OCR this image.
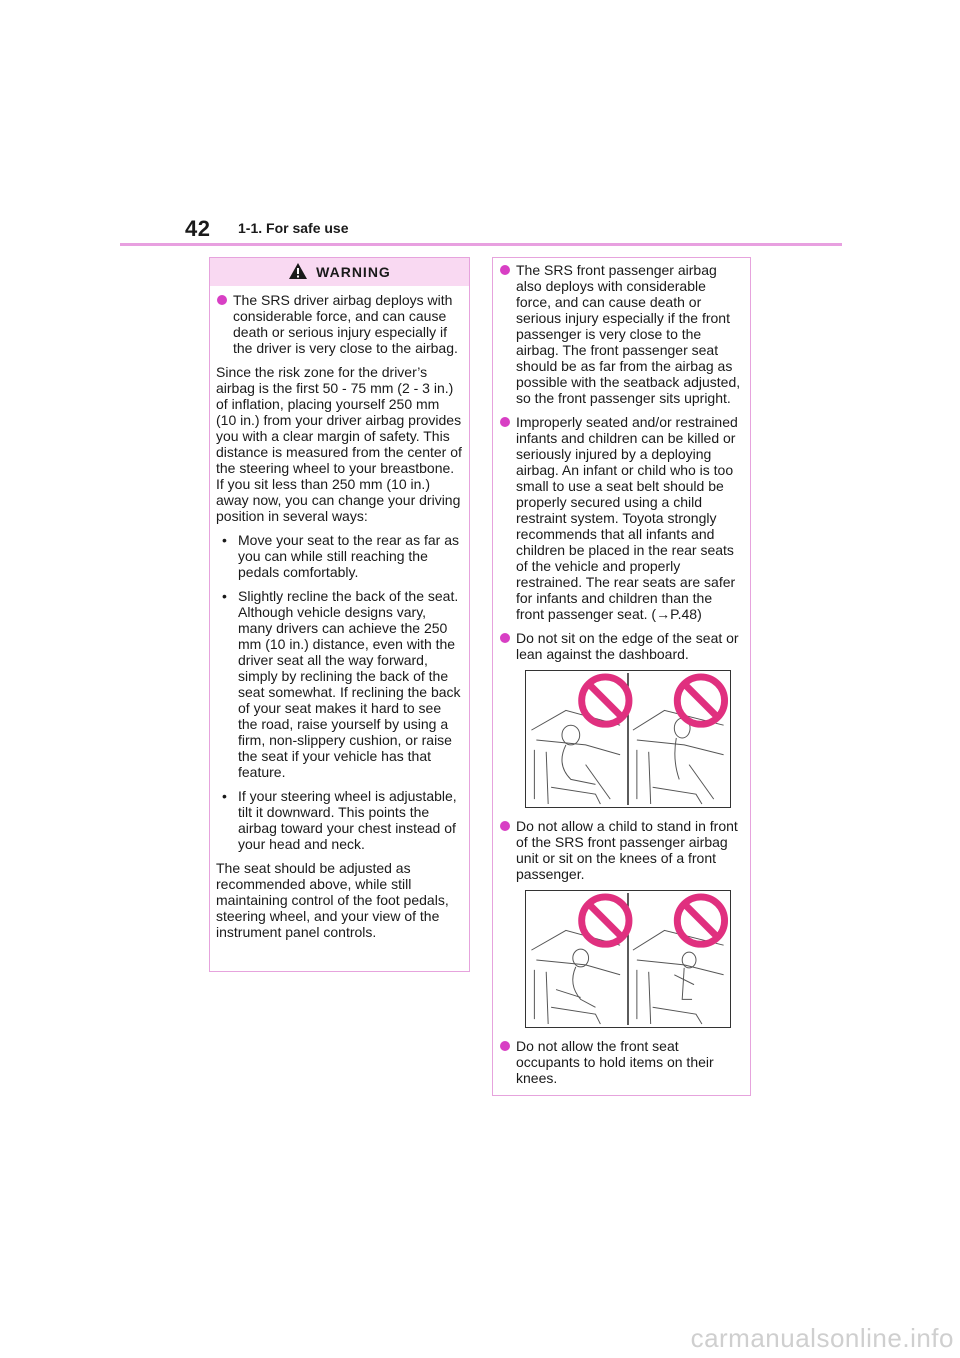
42 1-1. For safe use
WARNING
The SRS driver airbag deploys with considerable force, and can cause death or serious injury especially if the driver is very close to the airbag.

Since the risk zone for the driver’s airbag is the first 50 - 75 mm (2 - 3 in.) of inflation, placing yourself 250 mm (10 in.) from your driver airbag provides you with a clear margin of safety. This distance is measured from the center of the steering wheel to your breastbone. If you sit less than 250 mm (10 in.) away now, you can change your driving position in several ways:

• Move your seat to the rear as far as you can while still reaching the pedals comfortably.
• Slightly recline the back of the seat. Although vehicle designs vary, many drivers can achieve the 250 mm (10 in.) distance, even with the driver seat all the way forward, simply by reclining the back of the seat somewhat. If reclining the back of your seat makes it hard to see the road, raise yourself by using a firm, non-slippery cushion, or raise the seat if your vehicle has that feature.
• If your steering wheel is adjustable, tilt it downward. This points the airbag toward your chest instead of your head and neck.

The seat should be adjusted as recommended above, while still maintaining control of the foot pedals, steering wheel, and your view of the instrument panel controls.

The SRS front passenger airbag also deploys with considerable force, and can cause death or serious injury especially if the front passenger is very close to the airbag. The front passenger seat should be as far from the airbag as possible with the seatback adjusted, so the front passenger sits upright.
Improperly seated and/or restrained infants and children can be killed or seriously injured by a deploying airbag. An infant or child who is too small to use a seat belt should be properly secured using a child restraint system. Toyota strongly recommends that all infants and children be placed in the rear seats of the vehicle and properly restrained. The rear seats are safer for infants and children than the front passenger seat. (→P.48)
Do not sit on the edge of the seat or lean against the dashboard.
Do not allow a child to stand in front of the SRS front passenger airbag unit or sit on the knees of a front passenger.
Do not allow the front seat occupants to hold items on their knees.
carmanualsonline.info
